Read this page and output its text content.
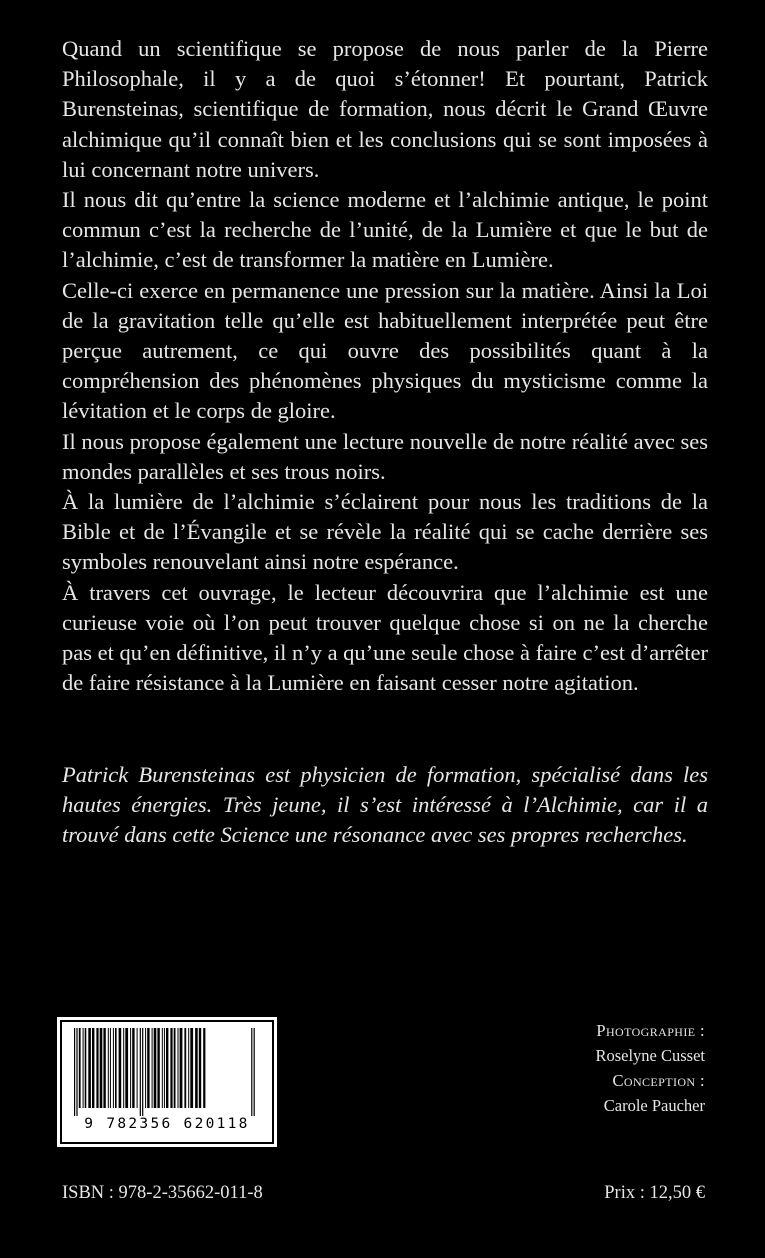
Quand un scientifique se propose de nous parler de la Pierre Philosophale, il y a de quoi s’étonner! Et pourtant, Patrick Burensteinas, scientifique de formation, nous décrit le Grand Œuvre alchimique qu’il connaît bien et les conclusions qui se sont imposées à lui concernant notre univers.

Il nous dit qu’entre la science moderne et l’alchimie antique, le point commun c’est la recherche de l’unité, de la Lumière et que le but de l’alchimie, c’est de transformer la matière en Lumière.

Celle-ci exerce en permanence une pression sur la matière. Ainsi la Loi de la gravitation telle qu’elle est habituellement interprétée peut être perçue autrement, ce qui ouvre des possibilités quant à la compréhension des phénomènes physiques du mysticisme comme la lévitation et le corps de gloire.

Il nous propose également une lecture nouvelle de notre réalité avec ses mondes parallèles et ses trous noirs.

À la lumière de l’alchimie s’éclairent pour nous les traditions de la Bible et de l’Évangile et se révèle la réalité qui se cache derrière ses symboles renouvelant ainsi notre espérance.

À travers cet ouvrage, le lecteur découvrira que l’alchimie est une curieuse voie où l’on peut trouver quelque chose si on ne la cherche pas et qu’en définitive, il n’y a qu’une seule chose à faire c’est d’arrêter de faire résistance à la Lumière en faisant cesser notre agitation.

Patrick Burensteinas est physicien de formation, spécialisé dans les hautes énergies. Très jeune, il s’est intéressé à l’Alchimie, car il a trouvé dans cette Science une résonance avec ses propres recherches.

9 782356 620118
Photographie :
Roselyne Cusset
Conception :
Carole Paucher
ISBN : 978-2-35662-011-8	Prix : 12,50 €
